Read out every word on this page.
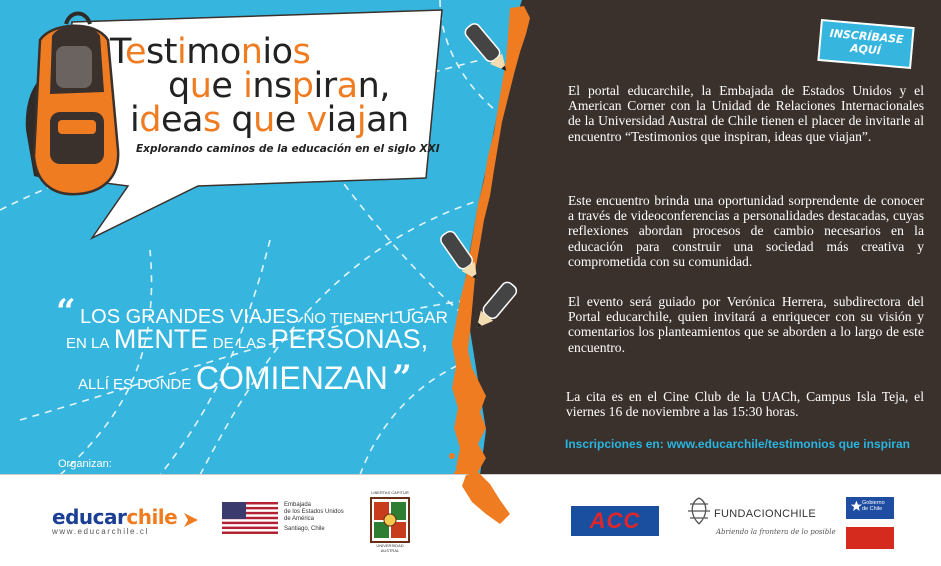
INSCRÍBASE
AQUÍ
Testimonios
que inspiran,
ideas que viajan
Explorando caminos de la educación en el siglo XXI
“ LOS GRANDES VIAJES NO TIENEN LUGAR
EN LA MENTE DE LAS PERSONAS,
ALLÍ ES DONDE COMIENZAN ”
El portal educarchile, la Embajada de Estados Unidos y el American Corner con la Unidad de Relaciones Internacionales de la Universidad Austral de Chile tienen el placer de invitarle al encuentro “Testimonios que inspiran, ideas que viajan”.
Este encuentro brinda una oportunidad sorprendente de conocer a través de videoconferencias a personalidades destacadas, cuyas reflexiones abordan procesos de cambio necesarios en la educación para construir una sociedad más creativa y comprometida con su comunidad.
El evento será guiado por Verónica Herrera, subdirectora del Portal educarchile, quien invitará a enriquecer con su visión y comentarios los planteamientos que se aborden a lo largo de este encuentro.
La cita es en el Cine Club de la UACh, Campus Isla Teja, el viernes 16 de noviembre a las 15:30 horas.
Inscripciones en: www.educarchile/testimonios que inspiran
Organizan:
educarchile
www.educarchile.cl
Embajada
de los Estados Unidos
de América
Santiago, Chile
LIBERTAS CAPITUR
UNIVERSIDAD AUSTRAL
ACC	FUNDACIONCHILE
Abriendo la frontera de lo posible
Gobierno
de Chile
